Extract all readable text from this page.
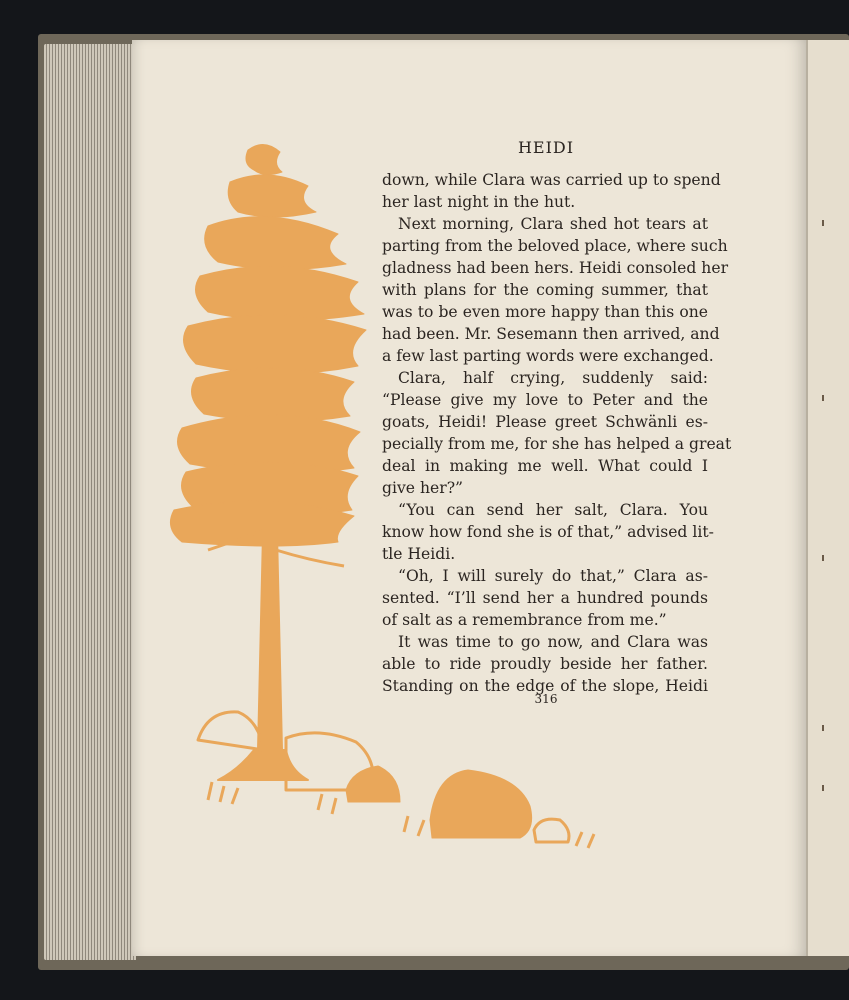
HEIDI
down, while Clara was carried up to spend
her last night in the hut.
Next morning, Clara shed hot tears at
parting from the beloved place, where such
gladness had been hers. Heidi consoled her
with plans for the coming summer, that
was to be even more happy than this one
had been. Mr. Sesemann then arrived, and
a few last parting words were exchanged.
Clara, half crying, suddenly said:
“Please give my love to Peter and the
goats, Heidi! Please greet Schwänli es-
pecially from me, for she has helped a great
deal in making me well. What could I
give her?”
“You can send her salt, Clara. You
know how fond she is of that,” advised lit-
tle Heidi.
“Oh, I will surely do that,” Clara as-
sented. “I’ll send her a hundred pounds
of salt as a remembrance from me.”
It was time to go now, and Clara was
able to ride proudly beside her father.
Standing on the edge of the slope, Heidi
316
